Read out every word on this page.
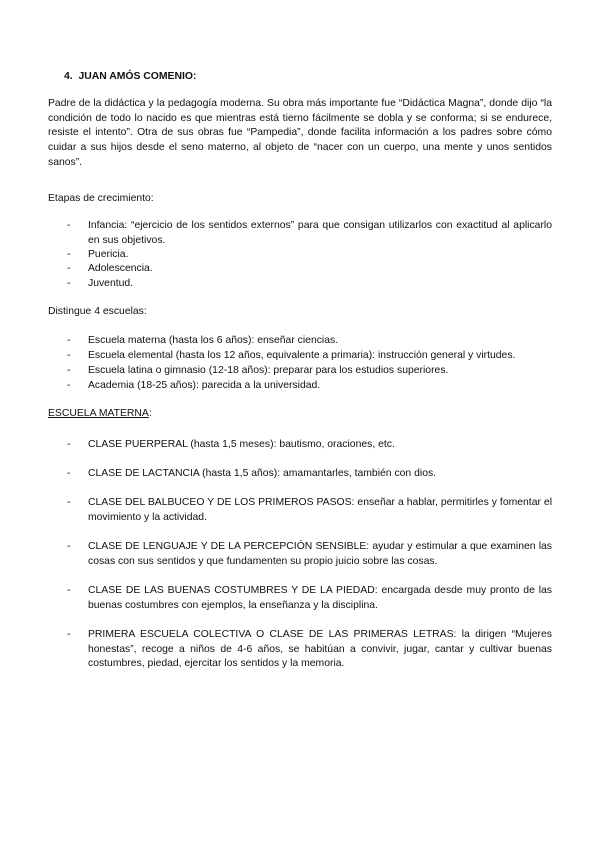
4. JUAN AMÓS COMENIO:
Padre de la didáctica y la pedagogía moderna. Su obra más importante fue “Didáctica Magna”, donde dijo “la condición de todo lo nacido es que mientras está tierno fácilmente se dobla y se conforma; si se endurece, resiste el intento”. Otra de sus obras fue “Pampedia”, donde facilita información a los padres sobre cómo cuidar a sus hijos desde el seno materno, al objeto de “nacer con un cuerpo, una mente y unos sentidos sanos”.
Etapas de crecimiento:
- Infancia: “ejercicio de los sentidos externos” para que consigan utilizarlos con exactitud al aplicarlo en sus objetivos.
- Puericia.
- Adolescencia.
- Juventud.
Distingue 4 escuelas:
- Escuela materna (hasta los 6 años): enseñar ciencias.
- Escuela elemental (hasta los 12 años, equivalente a primaria): instrucción general y virtudes.
- Escuela latina o gimnasio (12-18 años): preparar para los estudios superiores.
- Academia (18-25 años): parecida a la universidad.
ESCUELA MATERNA:
- CLASE PUERPERAL (hasta 1,5 meses): bautismo, oraciones, etc.
- CLASE DE LACTANCIA (hasta 1,5 años): amamantarles, también con dios.
- CLASE DEL BALBUCEO Y DE LOS PRIMEROS PASOS: enseñar a hablar, permitirles y fomentar el movimiento y la actividad.
- CLASE DE LENGUAJE Y DE LA PERCEPCIÓN SENSIBLE: ayudar y estimular a que examinen las cosas con sus sentidos y que fundamenten su propio juicio sobre las cosas.
- CLASE DE LAS BUENAS COSTUMBRES Y DE LA PIEDAD: encargada desde muy pronto de las buenas costumbres con ejemplos, la enseñanza y la disciplina.
- PRIMERA ESCUELA COLECTIVA O CLASE DE LAS PRIMERAS LETRAS: la dirigen “Mujeres honestas”, recoge a niños de 4-6 años, se habitúan a convivir, jugar, cantar y cultivar buenas costumbres, piedad, ejercitar los sentidos y la memoria.
